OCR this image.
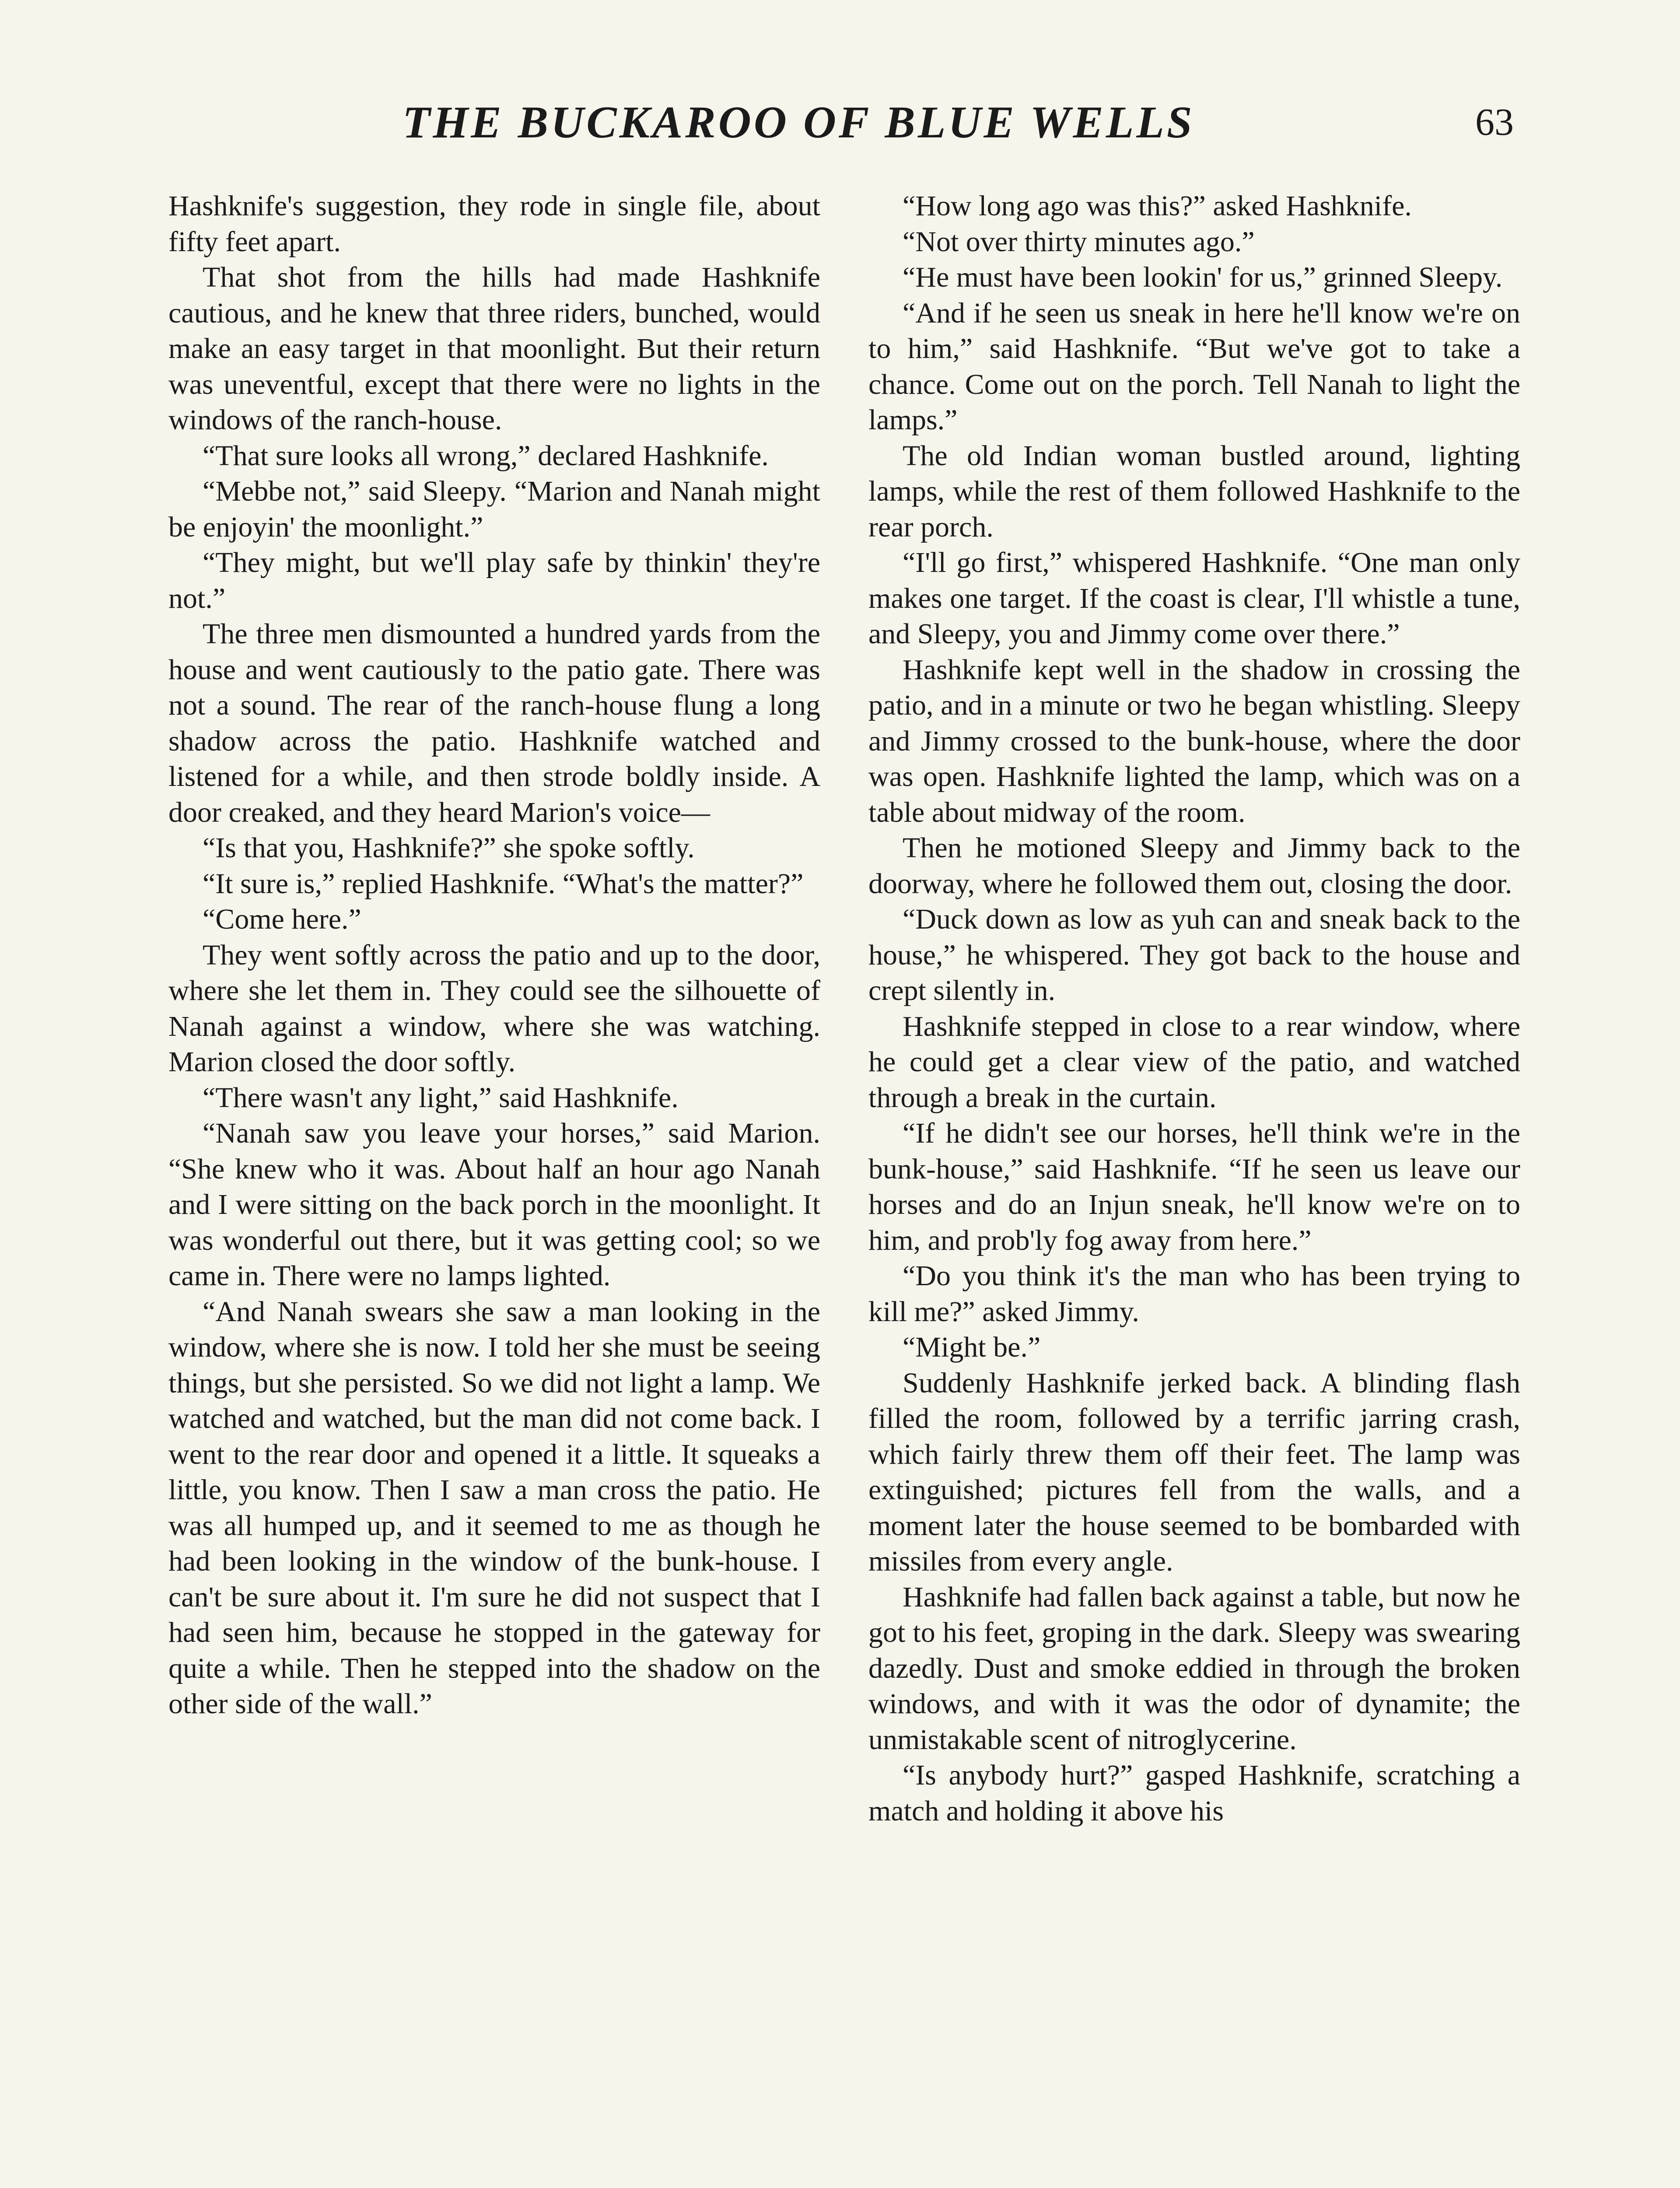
THE BUCKAROO OF BLUE WELLS	63

Hashknife's suggestion, they rode in single file, about fifty feet apart.

That shot from the hills had made Hashknife cautious, and he knew that three riders, bunched, would make an easy target in that moonlight. But their return was uneventful, except that there were no lights in the windows of the ranch-house.

“That sure looks all wrong,” declared Hashknife.

“Mebbe not,” said Sleepy. “Marion and Nanah might be enjoyin' the moonlight.”

“They might, but we'll play safe by thinkin' they're not.”

The three men dismounted a hundred yards from the house and went cautiously to the patio gate. There was not a sound. The rear of the ranch-house flung a long shadow across the patio. Hashknife watched and listened for a while, and then strode boldly inside. A door creaked, and they heard Marion's voice—

“Is that you, Hashknife?” she spoke softly.

“It sure is,” replied Hashknife. “What's the matter?”

“Come here.”

They went softly across the patio and up to the door, where she let them in. They could see the silhouette of Nanah against a window, where she was watching. Marion closed the door softly.

“There wasn't any light,” said Hashknife.

“Nanah saw you leave your horses,” said Marion. “She knew who it was. About half an hour ago Nanah and I were sitting on the back porch in the moonlight. It was wonderful out there, but it was getting cool; so we came in. There were no lamps lighted.

“And Nanah swears she saw a man looking in the window, where she is now. I told her she must be seeing things, but she persisted. So we did not light a lamp. We watched and watched, but the man did not come back. I went to the rear door and opened it a little. It squeaks a little, you know. Then I saw a man cross the patio. He was all humped up, and it seemed to me as though he had been looking in the window of the bunk-house. I can't be sure about it. I'm sure he did not suspect that I had seen him, because he stopped in the gateway for quite a while. Then he stepped into the shadow on the other side of the wall.”

“How long ago was this?” asked Hashknife.

“Not over thirty minutes ago.”

“He must have been lookin' for us,” grinned Sleepy.

“And if he seen us sneak in here he'll know we're on to him,” said Hashknife. “But we've got to take a chance. Come out on the porch. Tell Nanah to light the lamps.”

The old Indian woman bustled around, lighting lamps, while the rest of them followed Hashknife to the rear porch.

“I'll go first,” whispered Hashknife. “One man only makes one target. If the coast is clear, I'll whistle a tune, and Sleepy, you and Jimmy come over there.”

Hashknife kept well in the shadow in crossing the patio, and in a minute or two he began whistling. Sleepy and Jimmy crossed to the bunk-house, where the door was open. Hashknife lighted the lamp, which was on a table about midway of the room.

Then he motioned Sleepy and Jimmy back to the doorway, where he followed them out, closing the door.

“Duck down as low as yuh can and sneak back to the house,” he whispered. They got back to the house and crept silently in.

Hashknife stepped in close to a rear window, where he could get a clear view of the patio, and watched through a break in the curtain.

“If he didn't see our horses, he'll think we're in the bunk-house,” said Hashknife. “If he seen us leave our horses and do an Injun sneak, he'll know we're on to him, and prob'ly fog away from here.”

“Do you think it's the man who has been trying to kill me?” asked Jimmy.

“Might be.”

Suddenly Hashknife jerked back. A blinding flash filled the room, followed by a terrific jarring crash, which fairly threw them off their feet. The lamp was extinguished; pictures fell from the walls, and a moment later the house seemed to be bombarded with missiles from every angle.

Hashknife had fallen back against a table, but now he got to his feet, groping in the dark. Sleepy was swearing dazedly. Dust and smoke eddied in through the broken windows, and with it was the odor of dynamite; the unmistakable scent of nitroglycerine.

“Is anybody hurt?” gasped Hashknife, scratching a match and holding it above his
